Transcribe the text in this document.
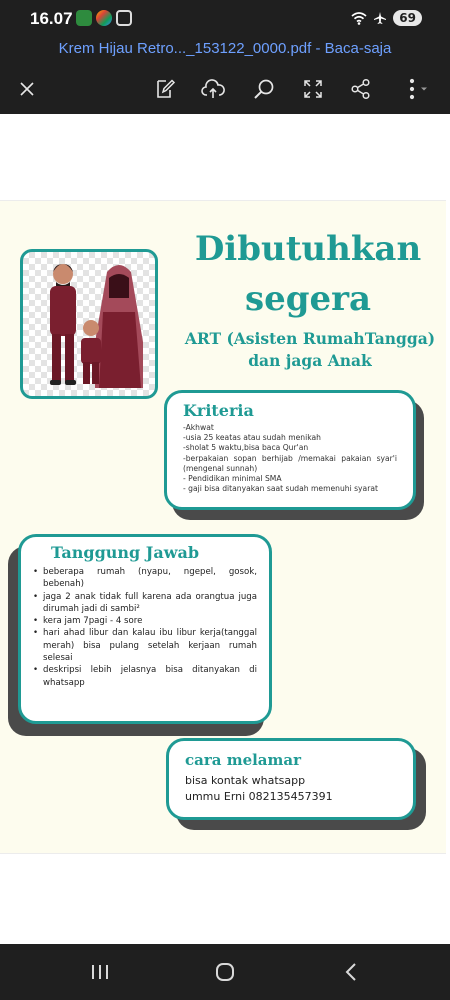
16.07	69
Krem Hijau Retro..._153122_0000.pdf - Baca-saja
Dibutuhkan
segera
ART (Asisten RumahTangga)
dan jaga Anak
Kriteria
-Akhwat
-usia 25 keatas atau sudah menikah
-sholat 5 waktu,bisa baca Qur'an
-berpakaian sopan berhijab /memakai pakaian syar'i (mengenal sunnah)
- Pendidikan minimal SMA
- gaji bisa ditanyakan saat sudah memenuhi syarat
Tanggung Jawab
• beberapa rumah (nyapu, ngepel, gosok, bebenah)
• jaga 2 anak tidak full karena ada orangtua juga dirumah jadi di sambi²
• kera jam 7pagi - 4 sore
• hari ahad libur dan kalau ibu libur kerja(tanggal merah) bisa pulang setelah kerjaan rumah selesai
• deskripsi lebih jelasnya bisa ditanyakan di whatsapp
cara melamar
bisa kontak whatsapp
ummu Erni 082135457391
